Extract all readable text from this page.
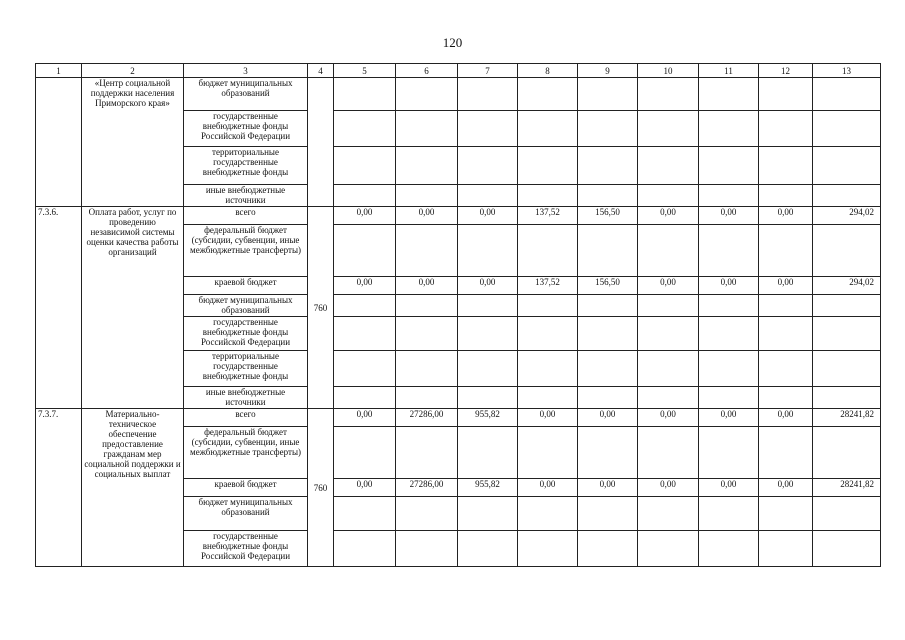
120
1	2	3	4	5	6	7	8	9	10	11	12	13
	«Центр социальной поддержки населения Приморского края»	бюджет муниципальных образований										
		государственные внебюджетные фонды Российской Федерации										
		территориальные государственные внебюджетные фонды										
		иные внебюджетные источники										
7.3.6.	Оплата работ, услуг по проведению независимой системы оценки качества работы организаций	всего	760	0,00	0,00	0,00	137,52	156,50	0,00	0,00	0,00	294,02
		федеральный бюджет (субсидии, субвенции, иные межбюджетные трансферты)										
		краевой бюджет		0,00	0,00	0,00	137,52	156,50	0,00	0,00	0,00	294,02
		бюджет муниципальных образований										
		государственные внебюджетные фонды Российской Федерации										
		территориальные государственные внебюджетные фонды										
		иные внебюджетные источники										
7.3.7.	Материально-техническое обеспечение предоставление гражданам мер социальной поддержки и социальных выплат	всего	760	0,00	27286,00	955,82	0,00	0,00	0,00	0,00	0,00	28241,82
		федеральный бюджет (субсидии, субвенции, иные межбюджетные трансферты)										
		краевой бюджет		0,00	27286,00	955,82	0,00	0,00	0,00	0,00	0,00	28241,82
		бюджет муниципальных образований										
		государственные внебюджетные фонды Российской Федерации										
